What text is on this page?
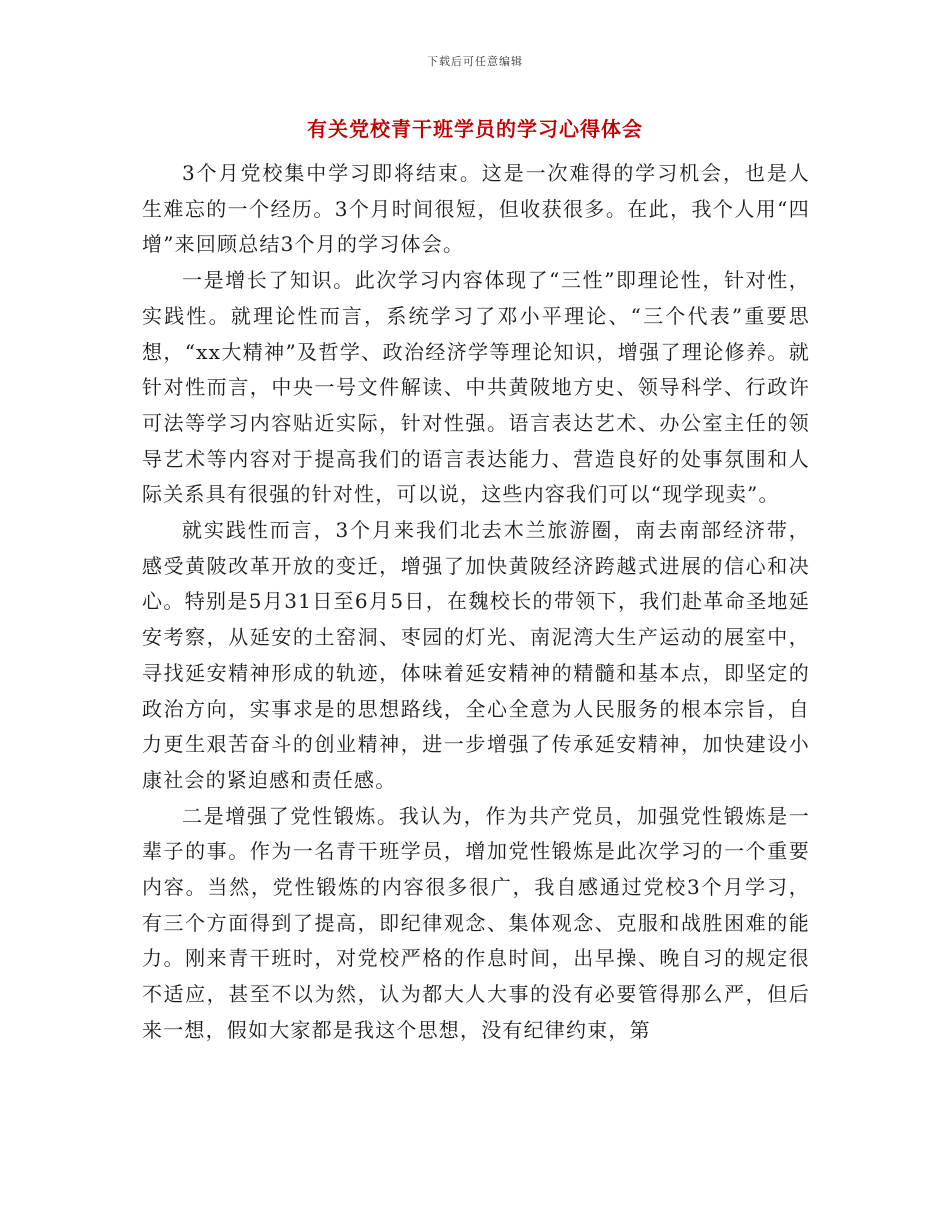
下载后可任意编辑
有关党校青干班学员的学习心得体会

3个月党校集中学习即将结束。这是一次难得的学习机会，也是人生难忘的一个经历。3个月时间很短，但收获很多。在此，我个人用“四增”来回顾总结3个月的学习体会。

一是增长了知识。此次学习内容体现了“三性”即理论性，针对性，实践性。就理论性而言，系统学习了邓小平理论、“三个代表”重要思想，“xx大精神”及哲学、政治经济学等理论知识，增强了理论修养。就针对性而言，中央一号文件解读、中共黄陂地方史、领导科学、行政许可法等学习内容贴近实际，针对性强。语言表达艺术、办公室主任的领导艺术等内容对于提高我们的语言表达能力、营造良好的处事氛围和人际关系具有很强的针对性，可以说，这些内容我们可以“现学现卖”。

就实践性而言，3个月来我们北去木兰旅游圈，南去南部经济带，感受黄陂改革开放的变迁，增强了加快黄陂经济跨越式进展的信心和决心。特别是5月31日至6月5日，在魏校长的带领下，我们赴革命圣地延安考察，从延安的土窑洞、枣园的灯光、南泥湾大生产运动的展室中，寻找延安精神形成的轨迹，体味着延安精神的精髓和基本点，即坚定的政治方向，实事求是的思想路线，全心全意为人民服务的根本宗旨，自力更生艰苦奋斗的创业精神，进一步增强了传承延安精神，加快建设小康社会的紧迫感和责任感。

二是增强了党性锻炼。我认为，作为共产党员，加强党性锻炼是一辈子的事。作为一名青干班学员，增加党性锻炼是此次学习的一个重要内容。当然，党性锻炼的内容很多很广，我自感通过党校3个月学习，有三个方面得到了提高，即纪律观念、集体观念、克服和战胜困难的能力。刚来青干班时，对党校严格的作息时间，出早操、晚自习的规定很不适应，甚至不以为然，认为都大人大事的没有必要管得那么严，但后来一想，假如大家都是我这个思想，没有纪律约束，第
